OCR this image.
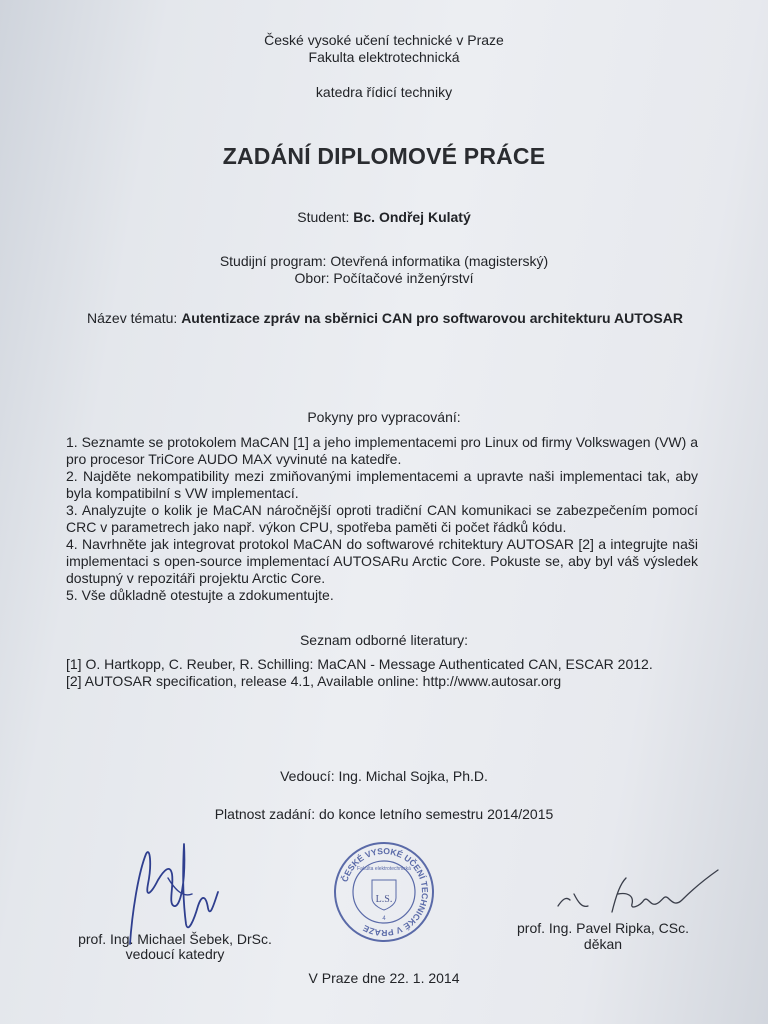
České vysoké učení technické v Praze
Fakulta elektrotechnická
katedra řídicí techniky
ZADÁNÍ DIPLOMOVÉ PRÁCE
Student: Bc. Ondřej Kulatý
Studijní program: Otevřená informatika (magisterský)
Obor: Počítačové inženýrství
Název tématu: Autentizace zpráv na sběrnici CAN pro softwarovou architekturu AUTOSAR
Pokyny pro vypracování:

1. Seznamte se protokolem MaCAN [1] a jeho implementacemi pro Linux od firmy Volkswagen (VW) a pro procesor TriCore AUDO MAX vyvinuté na katedře.

2. Najděte nekompatibility mezi zmiňovanými implementacemi a upravte naši implementaci tak, aby byla kompatibilní s VW implementací.

3. Analyzujte o kolik je MaCAN náročnější oproti tradiční CAN komunikaci se zabezpečením pomocí CRC v parametrech jako např. výkon CPU, spotřeba paměti či počet řádků kódu.

4. Navrhněte jak integrovat protokol MaCAN do softwarové rchitektury AUTOSAR [2] a integrujte naši implementaci s open-source implementací AUTOSARu Arctic Core. Pokuste se, aby byl váš výsledek dostupný v repozitáři projektu Arctic Core.

5. Vše důkladně otestujte a zdokumentujte.

Seznam odborné literatury:

[1] O. Hartkopp, C. Reuber, R. Schilling: MaCAN - Message Authenticated CAN, ESCAR 2012.

[2] AUTOSAR specification, release 4.1, Available online: http://www.autosar.org

Vedoucí: Ing. Michal Sojka, Ph.D.
Platnost zadání: do konce letního semestru 2014/2015
prof. Ing. Michael Šebek, DrSc.
vedoucí katedry
ČESKÉ VYSOKÉ UČENÍ TECHNICKÉ V PRAZE
Fakulta elektrotechnická
L.S.
4
prof. Ing. Pavel Ripka, CSc.
děkan
V Praze dne 22. 1. 2014
